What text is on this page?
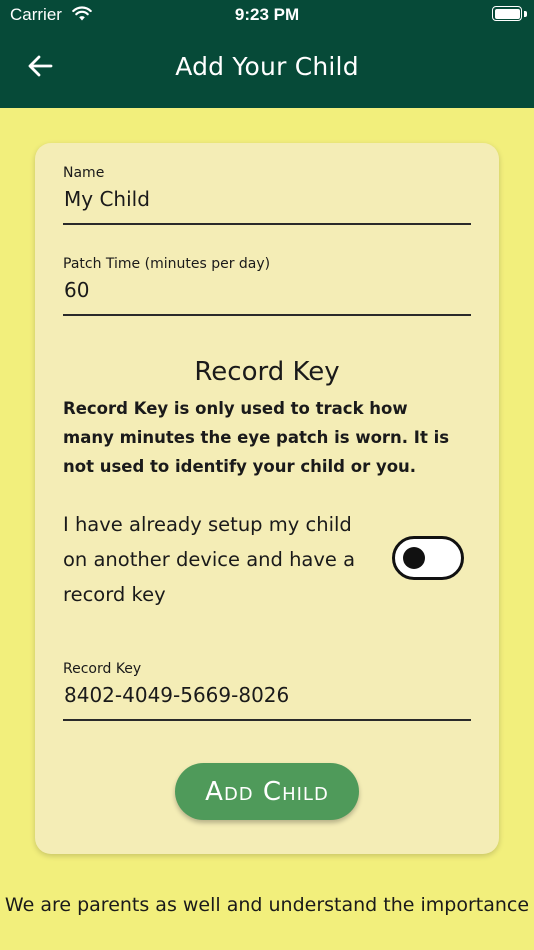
Carrier	9:23 PM
Add Your Child
Name
My Child
Patch Time (minutes per day)
60
Record Key
Record Key is only used to track how many minutes the eye patch is worn. It is not used to identify your child or you.
I have already setup my child on another device and have a record key
Record Key
8402-4049-5669-8026
Add Child
We are parents as well and understand the importance
